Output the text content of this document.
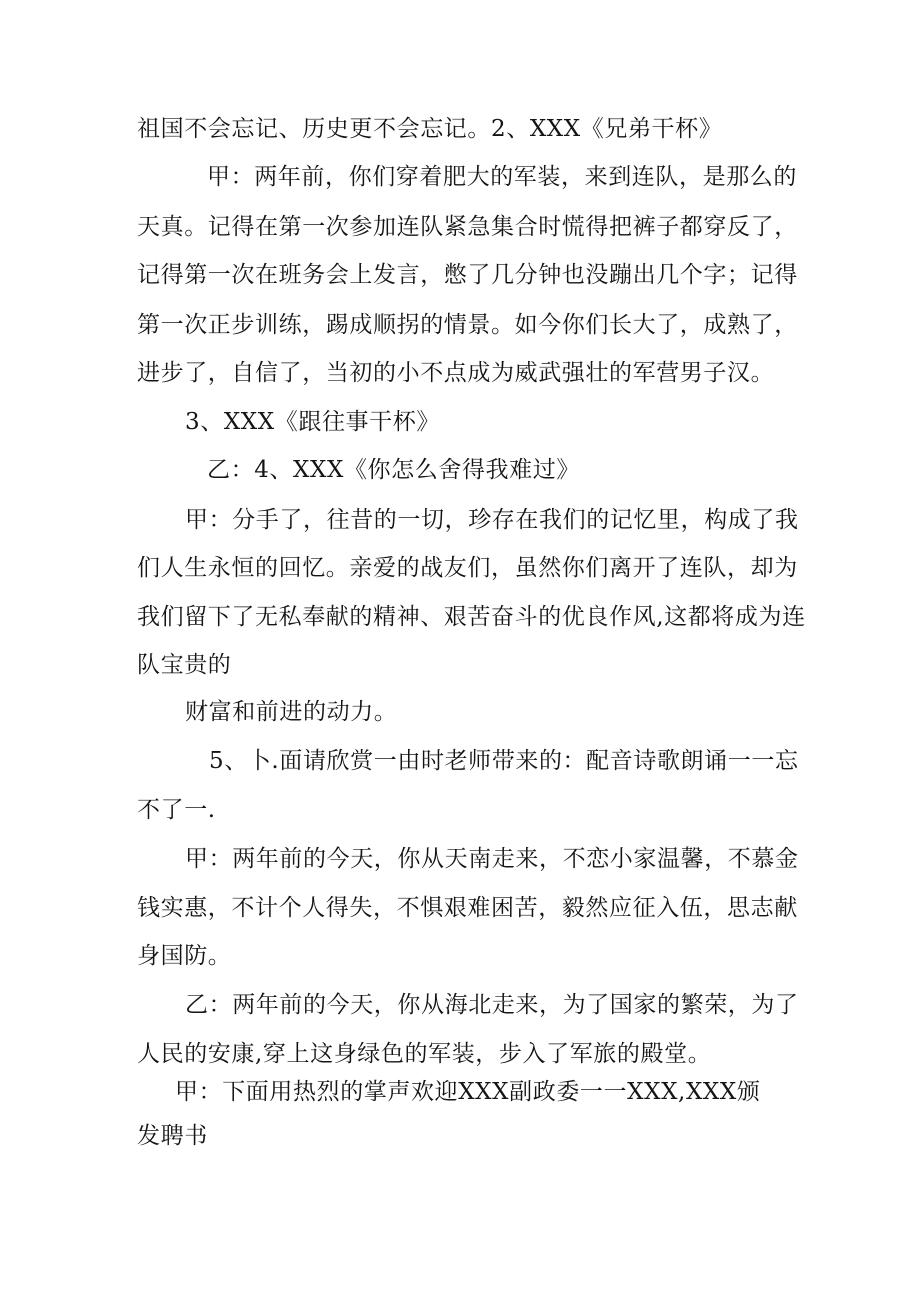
祖国不会忘记、历史更不会忘记。2、XXX《兄弟干杯》
甲：两年前，你们穿着肥大的军装，来到连队，是那么的
天真。记得在第一次参加连队紧急集合时慌得把裤子都穿反了，
记得第一次在班务会上发言，憋了几分钟也没蹦出几个字；记得
第一次正步训练，踢成顺拐的情景。如今你们长大了，成熟了，
进步了，自信了，当初的小不点成为威武强壮的军营男子汉。
3、XXX《跟往事干杯》
乙：4、XXX《你怎么舍得我难过》
甲：分手了，往昔的一切，珍存在我们的记忆里，构成了我
们人生永恒的回忆。亲爱的战友们，虽然你们离开了连队，却为
我们留下了无私奉献的精神、艰苦奋斗的优良作风,这都将成为连
队宝贵的
财富和前进的动力。
5、卜.面请欣赏一由时老师带来的：配音诗歌朗诵一一忘
不了一.
甲：两年前的今天，你从天南走来，不恋小家温馨，不慕金
钱实惠，不计个人得失，不惧艰难困苦，毅然应征入伍，思志献
身国防。
乙：两年前的今天，你从海北走来，为了国家的繁荣，为了
人民的安康,穿上这身绿色的军装，步入了军旅的殿堂。
甲：下面用热烈的掌声欢迎XXX副政委一一XXX,XXX颁
发聘书
